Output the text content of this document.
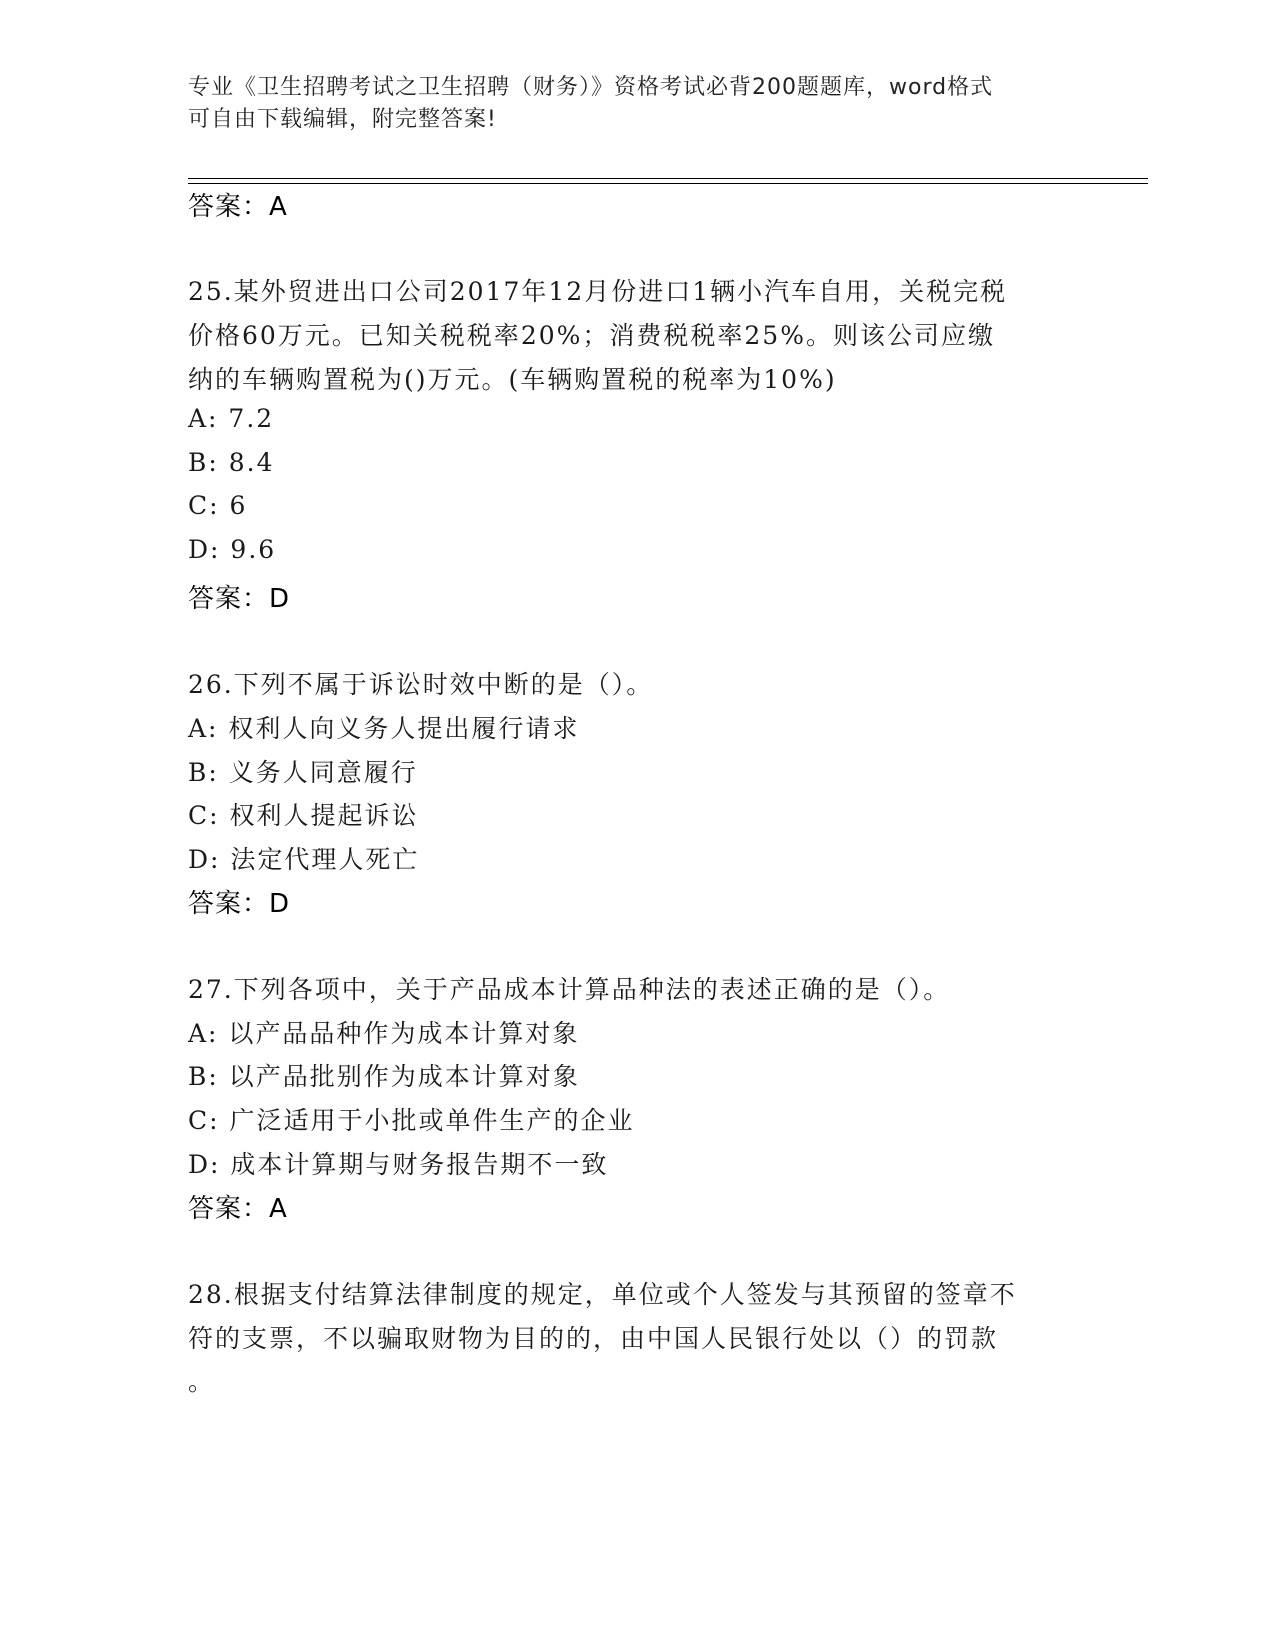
专业《卫生招聘考试之卫生招聘（财务）》资格考试必背200题题库，word格式
可自由下载编辑，附完整答案!
答案：A
25.某外贸进出口公司2017年12月份进口1辆小汽车自用，关税完税
价格60万元。已知关税税率20%；消费税税率25%。则该公司应缴
纳的车辆购置税为()万元。(车辆购置税的税率为10%)
A: 7.2
B: 8.4
C: 6
D: 9.6
答案：D
26.下列不属于诉讼时效中断的是（）。
A: 权利人向义务人提出履行请求
B: 义务人同意履行
C: 权利人提起诉讼
D: 法定代理人死亡
答案：D
27.下列各项中，关于产品成本计算品种法的表述正确的是（）。
A: 以产品品种作为成本计算对象
B: 以产品批别作为成本计算对象
C: 广泛适用于小批或单件生产的企业
D: 成本计算期与财务报告期不一致
答案：A
28.根据支付结算法律制度的规定，单位或个人签发与其预留的签章不
符的支票，不以骗取财物为目的的，由中国人民银行处以（）的罚款
。
